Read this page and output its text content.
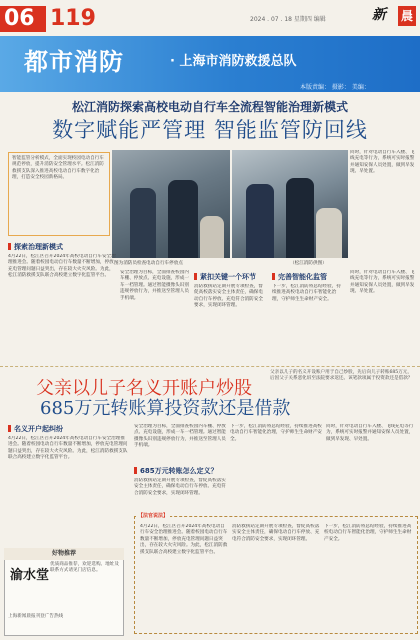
06 119	2024 . 07 . 18 星期四 编辑	新 晨
都市消防	· 上海市消防救援总队
本版责编： 摄影： 美编：
松江消防探索高校电动自行车全流程智能治理新模式
数字赋能严管理 智能监管防回线
智能监管分析模式，全面实现校园电动自行车规范停放，提升消防安全管理水平。松江消防救援支队深入推进高校电动自行车数字化治理，打造安全校园新格局。
图为消防员检查电动自行车停放点	（松江消防供图）
同时，针对电动自行车入楼、飞线充电等行为，系统可实时报警并通知安保人员处置，做到早发现、早处置。
探索治理新模式
4月22日，松江区召开2024年高校电动自行车安全治理推进会。随着校园电动自行车数量不断增加，停放充电管理问题日益突出，存在较大火灾风险。为此，松江消防救援支队联合高校建立数字化监管平台。
安全治理为目标，全面排查校园内车棚、停放点、充电设施，形成一车一档管理。通过智能摄像头识别违规停放行为，并推送至管理人员手机端。
紧扣关键一个环节
消防救援站定期开展专项检查，督促高校落实安全主体责任，确保电动自行车停放、充电符合消防安全要求，实现闭环管理。
完善智能化监管
下一步，松江消防将总结经验，持续推进高校电动自行车智能化治理，守护师生生命财产安全。
同时，针对电动自行车入楼、飞线充电等行为，系统可实时报警并通知安保人员处置，做到早发现、早处置。
父亲以儿子名义开账户炒股
685万元转账算投资款还是借款
父亲以儿子的名义开设账户用于自己炒股，先后向儿子转账685万元，后因父子关系恶化诉至法院要求返还。该笔款项属于投资款还是借款？
名义开户起纠纷
4月22日，松江区召开2024年高校电动自行车安全治理推进会。随着校园电动自行车数量不断增加，停放充电管理问题日益突出，存在较大火灾风险。为此，松江消防救援支队联合高校建立数字化监管平台。
安全治理为目标，全面排查校园内车棚、停放点、充电设施，形成一车一档管理。通过智能摄像头识别违规停放行为，并推送至管理人员手机端。
685万元转账怎么定义？
消防救援站定期开展专项检查，督促高校落实安全主体责任，确保电动自行车停放、充电符合消防安全要求，实现闭环管理。
下一步，松江消防将总结经验，持续推进高校电动自行车智能化治理，守护师生生命财产安全。
同时，针对电动自行车入楼、飞线充电等行为，系统可实时报警并通知安保人员处置，做到早发现、早处置。
【法官说法】
4月22日，松江区召开2024年高校电动自行车安全治理推进会。随着校园电动自行车数量不断增加，停放充电管理问题日益突出，存在较大火灾风险。为此，松江消防救援支队联合高校建立数字化监管平台。
消防救援站定期开展专项检查，督促高校落实安全主体责任，确保电动自行车停放、充电符合消防安全要求，实现闭环管理。
下一步，松江消防将总结经验，持续推进高校电动自行车智能化治理，守护师生生命财产安全。
好物推荐
渝水堂
优质商品推荐，欢迎选购。地址及联系方式请见门店信息。
上海新闻晨报刊登广告热线
